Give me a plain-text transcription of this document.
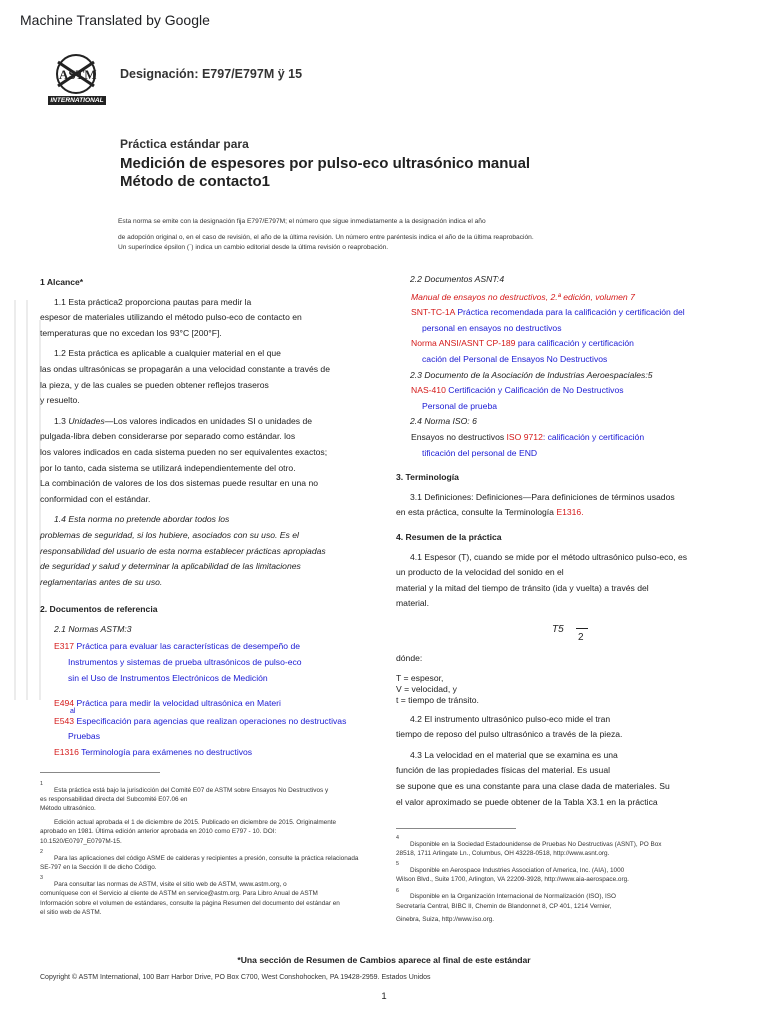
Machine Translated by Google
ASTM
INTERNATIONAL
Designación: E797/E797M ÿ 15
Práctica estándar para
Medición de espesores por pulso-eco ultrasónico manual
Método de contacto1
Esta norma se emite con la designación fija E797/E797M; el número que sigue inmediatamente a la designación indica el año
de adopción original o, en el caso de revisión, el año de la última revisión. Un número entre paréntesis indica el año de la última reaprobación.
Un superíndice épsilon (´) indica un cambio editorial desde la última revisión o reaprobación.

1 Alcance*
1.1 Esta práctica2 proporciona pautas para medir la
espesor de materiales utilizando el método pulso-eco de contacto en
temperaturas que no excedan los 93°C [200°F].
1.2 Esta práctica es aplicable a cualquier material en el que
las ondas ultrasónicas se propagarán a una velocidad constante a través de
la pieza, y de las cuales se pueden obtener reflejos traseros
y resuelto.
1.3 Unidades—Los valores indicados en unidades SI o unidades de
pulgada-libra deben considerarse por separado como estándar. los
los valores indicados en cada sistema pueden no ser equivalentes exactos;
por lo tanto, cada sistema se utilizará independientemente del otro.
La combinación de valores de los dos sistemas puede resultar en una no
conformidad con el estándar.
1.4 Esta norma no pretende abordar todos los
problemas de seguridad, si los hubiere, asociados con su uso. Es el
responsabilidad del usuario de esta norma establecer prácticas apropiadas
de seguridad y salud y determinar la aplicabilidad de las limitaciones
reglamentarias antes de su uso.
2. Documentos de referencia
2.1 Normas ASTM:3
E317 Práctica para evaluar las características de desempeño de
Instrumentos y sistemas de prueba ultrasónicos de pulso-eco
sin el Uso de Instrumentos Electrónicos de Medición
E494 Práctica para medir la velocidad ultrasónica en Materi
al
E543 Especificación para agencias que realizan operaciones no destructivas
Pruebas
E1316 Terminología para exámenes no destructivos
$^1$
Esta práctica está bajo la jurisdicción del Comité E07 de ASTM sobre Ensayos No Destructivos y
es responsabilidad directa del Subcomité E07.06 en
Método ultrasónico.
Edición actual aprobada el 1 de diciembre de 2015. Publicado en diciembre de 2015. Originalmente
aprobado en 1981. Última edición anterior aprobada en 2010 como E797 - 10. DOI:
10.1520/E0797_E0797M-15.
$^2$
Para las aplicaciones del código ASME de calderas y recipientes a presión, consulte la práctica relacionada
SE-797 en la Sección II de dicho Código.
$^3$
Para consultar las normas de ASTM, visite el sitio web de ASTM, www.astm.org, o
comuníquese con el Servicio al cliente de ASTM en service@astm.org. Para Libro Anual de ASTM
Información sobre el volumen de estándares, consulte la página Resumen del documento del estándar en
el sitio web de ASTM.
2.2 Documentos ASNT:4
Manual de ensayos no destructivos, 2.ª edición, volumen 7
SNT-TC-1A Práctica recomendada para la calificación y certificación del
personal en ensayos no destructivos
Norma ANSI/ASNT CP-189 para calificación y certificación
cación del Personal de Ensayos No Destructivos
2.3 Documento de la Asociación de Industrias Aeroespaciales:5
NAS-410 Certificación y Calificación de No Destructivos
Personal de prueba
2.4 Norma ISO: 6
Ensayos no destructivos ISO 9712: calificación y certificación
tificación del personal de END
3. Terminología
3.1 Definiciones: Definiciones—Para definiciones de términos usados
en esta práctica, consulte la Terminología E1316.
4. Resumen de la práctica
4.1 Espesor (T), cuando se mide por el método ultrasónico pulso-eco, es
un producto de la velocidad del sonido en el
material y la mitad del tiempo de tránsito (ida y vuelta) a través del
material.
T5
2
dónde:
T = espesor,
V = velocidad, y
t = tiempo de tránsito.
4.2 El instrumento ultrasónico pulso-eco mide el tran
tiempo de reposo del pulso ultrasónico a través de la pieza.
4.3 La velocidad en el material que se examina es una
función de las propiedades físicas del material. Es usual
se supone que es una constante para una clase dada de materiales. Su
el valor aproximado se puede obtener de la Tabla X3.1 en la práctica
$^4$
Disponible en la Sociedad Estadounidense de Pruebas No Destructivas (ASNT), PO Box
28518, 1711 Arlingate Ln., Columbus, OH 43228-0518, http://www.asnt.org.
$^5$
Disponible en Aerospace Industries Association of America, Inc. (AIA), 1000
Wilson Blvd., Suite 1700, Arlington, VA 22209-3928, http://www.aia-aerospace.org.
$^6$
Disponible en la Organización Internacional de Normalización (ISO), ISO
Secretaría Central, BIBC II, Chemin de Blandonnet 8, CP 401, 1214 Vernier,
Ginebra, Suiza, http://www.iso.org.
*Una sección de Resumen de Cambios aparece al final de este estándar
Copyright © ASTM International, 100 Barr Harbor Drive, PO Box C700, West Conshohocken, PA 19428-2959. Estados Unidos
1
